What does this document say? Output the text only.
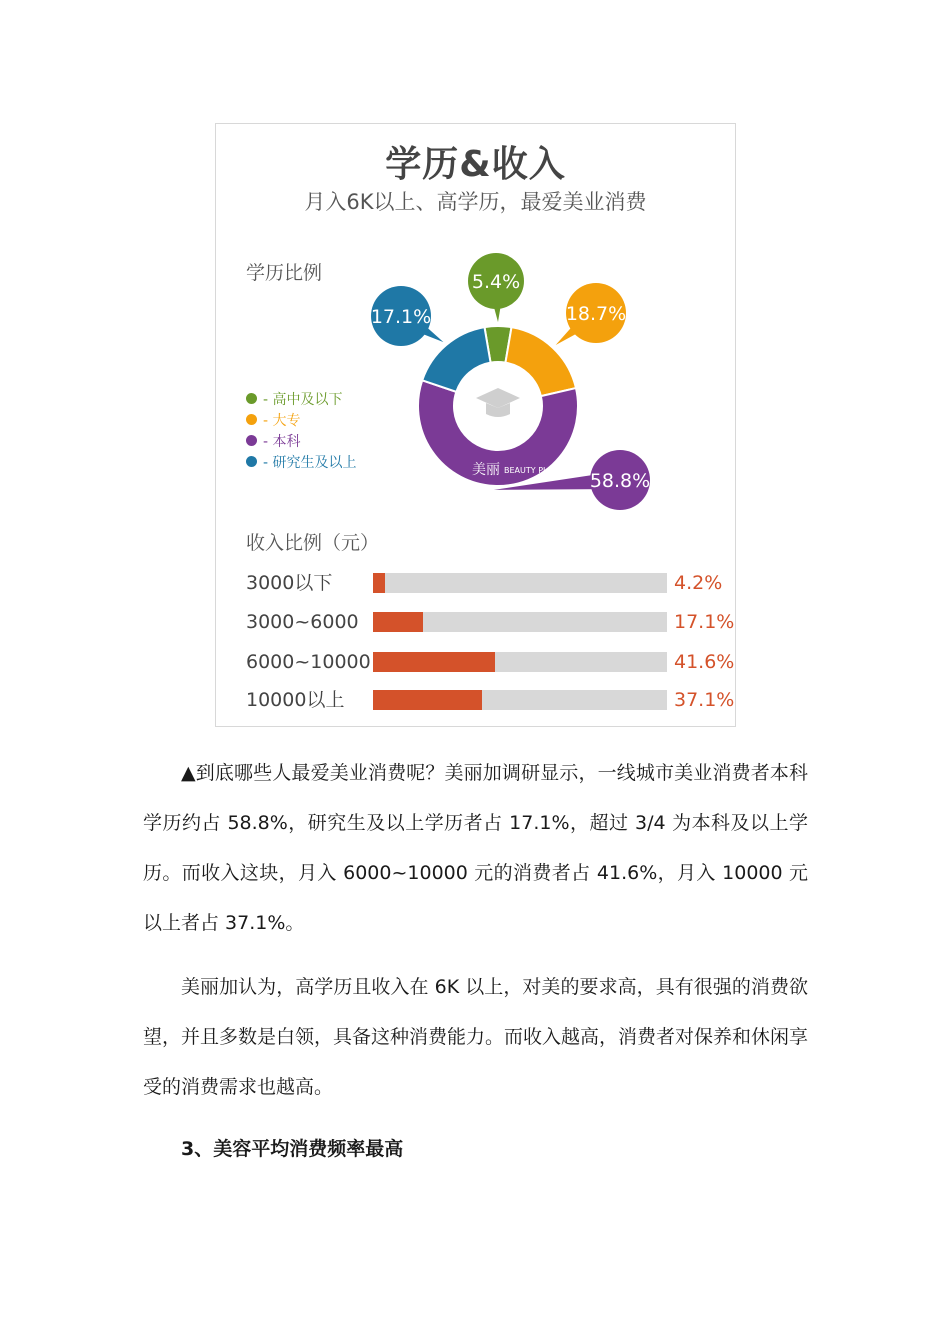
学历&收入
月入6K以上、高学历，最爱美业消费
学历比例
- 高中及以下
- 大专
- 本科
- 研究生及以上
5.4%
18.7%
58.8%
17.1%
美丽 BEAUTY PL
收入比例（元）
3000以下	4.2%
3000~6000	17.1%
6000~10000	41.6%
10000以上	37.1%
▲到底哪些人最爱美业消费呢？美丽加调研显示，一线城市美业消费者本科学历约占 58.8%，研究生及以上学历者占 17.1%，超过 3/4 为本科及以上学历。而收入这块，月入 6000~10000 元的消费者占 41.6%，月入 10000 元以上者占 37.1%。
美丽加认为，高学历且收入在 6K 以上，对美的要求高，具有很强的消费欲望，并且多数是白领，具备这种消费能力。而收入越高，消费者对保养和休闲享受的消费需求也越高。
3、美容平均消费频率最高
